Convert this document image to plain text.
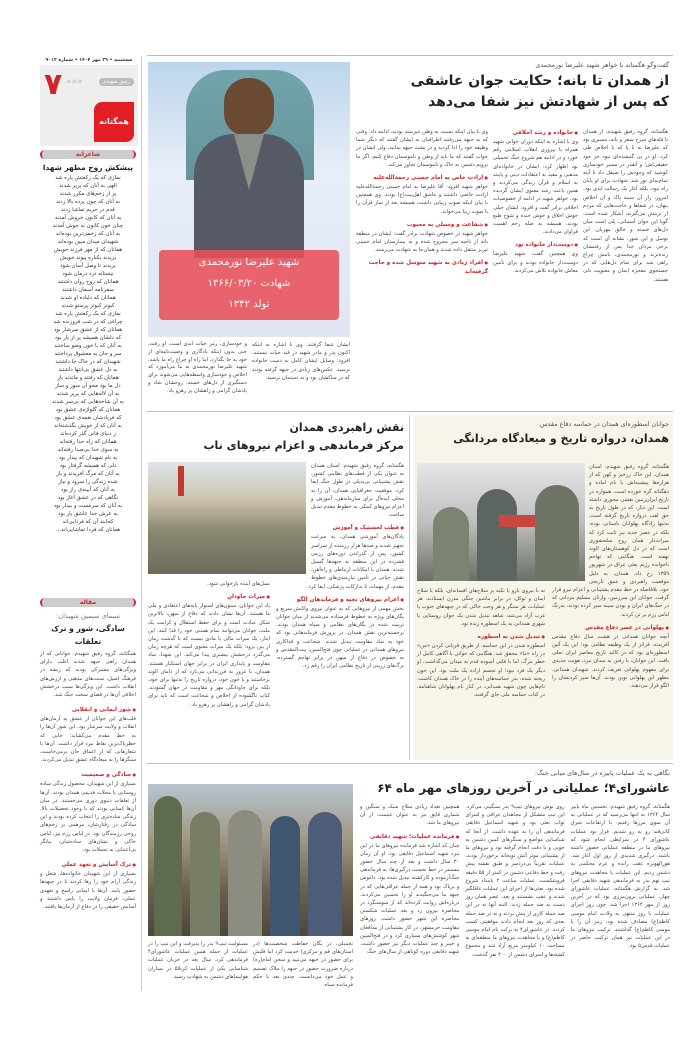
سه‌شنبه • ۲۹ مهر ۱۴۰۴ • شماره ۹۰۱۳
۷ «««	رفیق شهیدم
همگتانه
شاعرانه
پیشکش روح مطهر شهدا
نمازی که یک رکعتش پاره شد
الهی به آنان که پرپر شدند
پر از زخم‌های مکرر شدند
به آنان که چون پرده بالا زدند
قدم در حریم تماشا زدند
به آنان که کانون خروش آمدند
چنان خون کانون به جوش آمدند
به آنان که زخمی‌ترین بوده‌اند
شهیدان میدان مبین بوده‌اند
همانان که از مهر فرزند خویش
بریدند یکباره پیوند خویش
بریدند تا وصل آسان شود
نیستانه درد درمان شود
همانان که روح روان داشتند
سفرنامه آسمان داشتند
همانان که دلباده او شدند
کبوتر کبوتر پرستو شدند
نمازی که یک رکعتش پاره شد
چراغی که در شب فروزنده شد
همانان که از عشق سرشار بود
که دلشان همیشه پر از یار بود
به آنان که با خون وضو ساختند
سر و جان به معشوق پرداختند
شهیدان که در خاک جا داشتند
به دل عشق بی‌انتها داشتند
همانان که رفتند و ماندند باز
دل ما بود محو آن سوز و ساز
به آن لاله‌هایی که پرپر شدند
به آن شاخه‌هایی که بی‌سر شدند
همانان که گلواژه‌ی عشق بود
که فریادشان نغمه‌ی عشق بود
به آنان که از خویش بگذشته‌اند
ز دنیای فانی گذر کرده‌اند
همانان که راه خدا رفته‌اند
به سوی خدا بی‌صدا رفته‌اند
به نام شهیدان که بیدار بود
دلی که همیشه گرفتار بود
به آنان که مرگ آفریدند و باز
شده زندگی را سرود و نیاز
به آنان که آیینه‌ی راز بود
نگاهی که در عشق آغاز بود
به آنان که سرمست و بیدار بود
به عرش خدا عاشق یار بود
کجایند آن که فردایی‌اند
همانان که فردا تماشایی‌اند...
مقاله
سیمای سیمین شهیدان:
سادگی، شور و ترک تعلقات
همگتانه، گروه رفیق شهیدم: جوانانی که از همدان راهی جبهه شدند اغلب دارای ویژگی‌های مشترکی بودند که ریشه در فرهنگ اصیل، سنت‌های مذهبی و ارزش‌های انقلاب داشت. این ویژگی‌ها سبب درخشش اخلاقی آن‌ها در فضای سخت جنگ شد.
● شور ایمانی و انقلابی
قلب‌های این جوانان از عشق به آرمان‌های انقلاب و ولایت سرشار بود. این شور آن‌ها را به خط مقدم می‌کشاند؛ جایی که خطرناک‌ترین نقاط نبرد قرار داشت. آن‌ها با شعارهایی که از اعماق جان برمی‌خاست، سنگرها را به میعادگاه عشق تبدیل می‌کردند.
● سادگی و صمیمیت
بسیاری از این شهیدان، محصول زندگی ساده روستایی یا محلات قدیمی همدان بودند. آن‌ها از تعلقات دنیوی دوری می‌جستند. در میان آن‌ها کسانی بودند که با وجود تحصیلات بالا، زندگی ساده‌تری را انتخاب کرده بودند و این سادگی در رفتارشان، مرهمی بر زخم‌های روحی رزمندگان بود. در لباس رزم نیز، لباس خاکی و نشان‌های ساده‌شان، بیانگر بی‌اعتنایی به تجملات بود.
● ترک آسایش و تعهد عملی
بسیاری از این شهیدان خانواده‌ها، شغل و زندگی آرام خود را رها کردند تا در جبهه‌ها حضور یابند. آن‌ها با ایمانی راسخ و تعهدی عملی، فرمان ولایت را پاس داشتند و آسایش حقیقی را در دفاع از آرمان‌ها یافتند.
شهید علیرضا نورمحمدی
شهادت ۱۳۶۶/۰۳/۲۰
تولد ۱۳۴۲
گفت‌وگو هگمتانه با خواهر شهید علیرضا نورمحمدی
از همدان تا بانه؛ حکایت جوان عاشقی
که پس از شهادتش نیز شفا می‌دهد
هگمتانه، گروه رفیق شهیدم: از همدان تا قله‌های سرخ سفر و بانه، مسیری بود که علیرضا نه با پا که با اخلاص طی کرد. او در پی گمشده‌ای نبود جز خود حقیقی‌اش؛ و آنقدر در مسیر خودسازی کوشید که وجودش را صیقل داد تا آینه تمام‌نمای نور شد. شهادت برای او پایان راه نبود، بلکه آغاز یک رسالت ابدی بود. امروز، راز آن سینه پاک و آن اخلاص پنهان، در شفاها و حاجت‌هایی که مردم از تربتش می‌گیرند، آشکار شده است. گویا این جوان آسمانی، پلی است میان دل‌های خسته و خالق مهربان. این توسل و این شور، نشانه آن است که برخی مردان خدا پس از رفتنشان زنده‌ترند و نورمحمدی، نامش چراغ راهی شد برای تمام دل‌هایی که در جستجوی معجزه ایمان و معنویت دلی هستند.
● خانواده و رشد اخلاقی
وی با اشاره به اینکه دوران جوانی شهید همراه با پیروزی انقلاب اسلامی رقم خورد و در ادامه هم شروع جنگ تحمیلی بود اظهار کرد: ایشان در خانواده‌ای مذهبی و مقید به اعتقادات دینی و پایبند به اسلام و قرآن زندگی می‌کردند و همین باعث رشد معنوی ایشان گردیده بود. خواهر شهید در ادامه از خصوصیات اخلاقی برادر گفت و افزود: ایشان خیلی خوش اخلاق و خوش خنده و شوخ طبع بودند. همیشه به صله رحم اهمیت فراوان می‌دادند.
● دوست‌دار خانواده بود
وی همچنین گفت: شهید علیرضا دوست‌دار خانواده بودند و برای تأمین معاش خانواده تلاش می‌کردند.
وی با بیان اینکه نسبت به وطن غیرتمند بودند، ادامه داد: وقتی که به جبهه می‌رفتند اطرافیان به ایشان گفتند که دیگر شما وظیفه خود را ادا کردید و در پشت جبهه بمانید، ولی ایشان در جواب گفتند که ما باید از وطن و ناموسمان دفاع کنیم. اگر ما برویم دشمن به خاک و ناموسمان تجاوز می‌کند.
● ارادت خاص به امام خمینی رحمة‌الله‌علیه
خواهر شهید افزود: آقا علیرضا به امام خمینی رحمة‌الله‌علیه ارادت خاصی داشتند و عاشق اهل‌بیت(ع) بودند. وی همچنین با بیان اینکه صوت زیبایی داشت، همیشه بعد از نماز قرآن را با صوت زیبا می‌خواند.
● شفاعت و وسیلی به محبوب
خواهر شهید در خصوص شهادت برادر گفت: ایشان در منطقه بانه از ناحیه سر مجروح شده و به بیمارستان امام خمینی تبریز منتقل داده شدند و همان‌جا به شهادت می‌رسند.
● افراد زیادی به شهید متوسل شده و حاجت گرفته‌اند
ایشان شفا گرفتند. وی با اشاره به اینکه اکنون پدر و مادر شهید در قید حیات نیستند، افزود: وسایل ایشان کامل به دست خانواده نرسید. عکس‌های زیادی در جبهه گرفته بودند که در ساکشان بود و به دستمان نرسید.
و خودسازی، رمز حیات ابدی است. او رفت، حتی بدون اینکه یادگاری و وصیت‌نامه‌ای از خود به جا بگذارد، اما راه او چراغ راه ما باشد. شهید علیرضا نورمحمدی به ما می‌آموزد که اخلاص و خودسازی واسطه‌هایی می‌شوند برای دستگیری از دل‌های خسته. روحشان شاد و یادشان گرامی و راهشان پر رهرو باد.
جوانان اسطوره‌ای همدان در حماسه دفاع مقدس
همدان، دروازه تاریخ و میعادگاه مردانگی
هگمتانه، گروه رفیق شهیدم: استان همدان، این خاک زرخیز و کهن که از هزاره‌ها پیشینه‌اش با نام اماده و دهگتانه گره خورده است، همواره در تاریخ ایران‌زمین نقشی محوری داشته است. این دیار، که در طول تاریخ به حق لقب دروازه تاریخ گرفته است، نه‌تنها زادگاه پهلوانان باستانی بوده، بلکه در عصر جدید نیز ثابت کرد که میراث‌دار همان روح سلحشوری است که در دل کوهستان‌های الوند نهفته است. هنگامی که تهاجم ناخوانده رژیم بعثی عراق در شهریور ۱۳۵۹ رخ داد، همدان، به دلیل موقعیت راهبردی و عمق تاریخی خود، بلافاصله در خط مقدم پشتیبانی و اعزام نیرو قرار گرفت. جوانان این سرزمین، وارثان مسلیم مردانی که در جنگ‌های ایران و بودن سینه سپر کرده بودند، به‌رنگ لباس رزم بر تن کردند.
● پهلوانی در عصر دفاع مقدس
آنچه جوانان همدانی در هشت سال دفاع مقدس آفریدند، فراتر از یک وظیفه نظامی بود؛ این یک آئین اسطوره‌ای بود که در کالبد تاریخ معاصر ایران تجلی یافت. این جوانان، با رفتن به میدان نبرد، هویت جدیدی برای مفهوم پهلوانی تعریف کردند. شهیدان همدانی، مظهر این پهلوانی نوین بودند. آن‌ها سپر کردنشان را الگو قرار می‌دهند.
نه با نیروی بازو یا تکیه بر سلاح‌های افسانه‌ای، بلکه با سلاح ایمان و توکل، در برابر ماشین جنگی مدرن ایستادند. هر عملیات، هر سنگر و هر وجب خاکی که در جبهه‌های جنوب یا غرب آزاد می‌شد، شاهد تبدیل شدن یک جوان روستایی یا شهری همدانی به یک اسطوره زنده بود.
● تبدیل شدن به اسطوره
اسطوره شدن در این حماسه، از طریق قربانی کردن «من» در راه «ما» محقق شد. هنگامی که جوانی با آگاهی کامل از خطر مرگ، اما با قلبی آسوده قدم به میدان می‌گذاشت، او دیگر یک فرد نبود؛ او تجسم اراده یک ملت بود. این خون ریخته شده، بذر حماسه‌های آینده را در خاک همدان کاشت. نام‌هایی چون شهید همدانی، در کنار نام پهلوانان شاهنامه، در کتاب حماسه ملی جای گرفتند.
نقش راهبردی همدان
مرکز فرماندهی و اعزام نیروهای ناب
هگمتانه، گروه رفیق شهیدم: استان همدان به عنوان یکی از قطب‌های نظامی کشور، نقش پشتیبانی بی‌بدیلی در طول جنگ ایفا کرد. موقعیت جغرافیایی همدان، آن را به محلی ایده‌آل برای سازماندهی، آموزش و اعزام نیروهای کمکی به خطوط مقدم تبدیل ساخت.
● قطب لجستیک و آموزش
پادگان‌های آموزشی همدان، به سرعت تجهیز شدند و صدها هزار رزمنده از سراسر کشور، پس از گذراندن دوره‌های رزمی فشرده در این منطقه به جبهه‌ها گسیل شدند. همدان با امکانات ارتباطی و راه‌آهن، نقش حیاتی در تأمین نیازمندی‌های خطوط مقدم، از مهمات تا تدارکات پزشکی، ایفا کرد.
● اعزام نیروهای نخبه و فرماندهان الگو
بخش مهمی از نیروهایی که به عنوان نیروی واکنش سریع و یگان‌های ویژه به خطوط فرستاده می‌شدند از میان جوانان تربیت شده در یگان‌های نظامی و سپاه همدان بودند. برجسته‌ترین نقش همدان، در پرورش فرماندهانی بود که خود به نماد مقاومت تبدیل شدند. شجاعت و فداکاری نیروهای همدانی در عملیاتی چون فتح‌المبین، بیت‌المقدس و به خصوص در دفاع از میهن در برابر تهاجم گسترده، برگ‌های زرینی از تاریخ نظامی ایران را رقم زد.
نسل‌های آینده بازخوانی شود.
● میراث جاودان
یاد این جوانان، ستون‌های استوار پایه‌های اعتقادی و ملی ما هستند. آن‌ها نشان دادند که دفاع از میهن، بالاترین شکل عبادت است و برای حفظ استقلال و کرامت یک ملت، جوانان می‌توانند تمام هستی خود را فدا کنند. این ایثار، یک میراث مالی یا مادی نیست که با گذشت زمان از بین برود؛ بلکه یک میراث معنوی است که هرچه زمان می‌گذرد درخشش بیشتری پیدا می‌کند. این شهدا، نماد مقاومت و پایداری ایران در برابر جهان استکبار هستند. همدان، با غرور به فرزندانی می‌نازد که از دامان الوند برخاستند و با خون خود، دروازه تاریخ را نه‌تنها برای خود، بلکه برای جاودانگی مهر و مقاومت در جهان گشودند. کتاب ناگشوده از اخلاص و شجاعت است که باید برای یادشان گرامی و راهشان پر رهرو باد.
نگاهی به یک عملیات پاییزه در سال‌های میانی جنگ:
عاشورای۴؛ عملیاتی در آخرین روزهای مهر ماه ۶۴
هگمتانه، گروه رفیق شهیدم: نخستین ماه پاییز سال ۱۳۶۴ به انتها می‌رسید که در عملیاتی به آن سوی مرزها رفتیم. با ارتفاعات شرق کانی‌قند رو به رو شدیم. قرار بود عملیات عاشورای ۴ در شرایطی انجام شود که نیروهای ما در منطقه عملیاتی حضور داشته باشند. درگیری شدیدی از روز اول آغاز شد. هورالهویزه عقب رانده و عزم محکمی به دشمن زدیم. این عملیات با مجاهدت نیروهای تیپ نهم بدر به فرماندهی شهید دقایقی اجرا شد. به گزارش هگمتانه، عملیات عاشورای چهار، عملیاتی برون‌مرزی بود که در آخرین روز از مهر ۱۳۶۴ اجرا شد. چون روز اجرای عملیات با روز منتهی به ولادت امام موسی کاظم(ع) مصادف شده بود، رمز آن را یا موسی کاظم(ع) گذاشتند. ترکیب نیروهای ما در این عملیات نیز همان ترکیب حاضر در عملیات قدس۵ بود.
روی نوش نیروهای تیپ۹ بدر سنگینی می‌کرد. این تیپ متشکل از مجاهدان عراقی و اسرای تواب بعثی بود و شهید اسماعیل دقایقی فرماندهی آن را به عهده داشت. از آنجا که شناسایی مواضع و سنگرهای کمین دشمن به خوبی و با دقت انجام گرفته بود و نیروهای ما از پشتیبانی موثر آتش توپخانه برخوردار بودند، عملیات تقریباً بی‌دردسر و طبق نقشه پیش رفت و خط دفاعی دشمن در کمتر از ۵۵ دقیقه فروشکست. عملیات ساعت ۲ بامداد شروع شده بود. بعثی‌ها از اجرای این عملیات غافلگیر شدند و عقب نشستند و بعد، عصر همان روز دست به ضد حمله زدند. البته آنها نه در این ضد حمله کاری از پیش بردند و نه در ضد حمله بعدی که روز بعد انجام دادند موفقیتی کسب کردند. در عاشورای۴ به برکت نام امام موسی کاظم(ع) و با مجاهدت نیروهای ما منطقه‌ای به مساحت ۱۰ کیلومتر مربع آزاد شد و مجموع کشته‌ها و اسرای دشمن از ۴۰۰ نفر گذشت.
همچنین تعداد زیادی سلاح سبک و سنگین و شماری قایق نیز به عنوان غنیمت، از آن نیروهای ما شد.
● فرمانده عملیات؛ شهید دقایقی
چنان که اشاره شد فرمانده نیروهای ما در این نبرد شهید اسماعیل دقایقی بود. او آن زمان ۳۰ سال داشت و بعد از چند سال حضور مستمر در خط نخست درگیری‌ها، به فرماندهی جنگ‌آزموده و کارکشته تبدیل شده بود. داغوش و برپاک بود و همه از جمله عراقی‌هایی که در جبهه ما می‌جنگیدند او را تحسین می‌کردند. درباره‌اش روایت کرده‌اند که از سوسنگرد در محاصره بیرون زد و بعد عملیات شکستن محاصره این شهر حضور داشت. روزهای مقاومت خرمشهر، در کار پشتیبانی از مدافعان شهر کوشش‌های بسیاری کرد و در فتح‌المبین و خیبر و چند عملیات دیگر نیز حضور داشت. شهید دقایقی دوره کوتاهی از سال‌های جنگ
تحمیلی، در یگان حفاظت شخصیت‌ها (در استان‌های قم و مرکزی) خدمت کرد اما قلبش برای حضور در جبهه می‌تپید و سخن امام(ره) درباره ضرورت حضور در جبهه را ملاک تصمیم و عمل خود می‌دانست. چندی بعد با حکم فرمانده سپاه.
مسئولیت تیپ۹ بدر را پذیرفت و این تیپ را در عملیات از جمله همین عملیات عاشورای۴ فرماندهی کرد. سال بعد در جریان عملیات شناسایی یکی از عملیات کربلا۵ در بمباران هواپیماهای دشمن به شهادت رسید.
